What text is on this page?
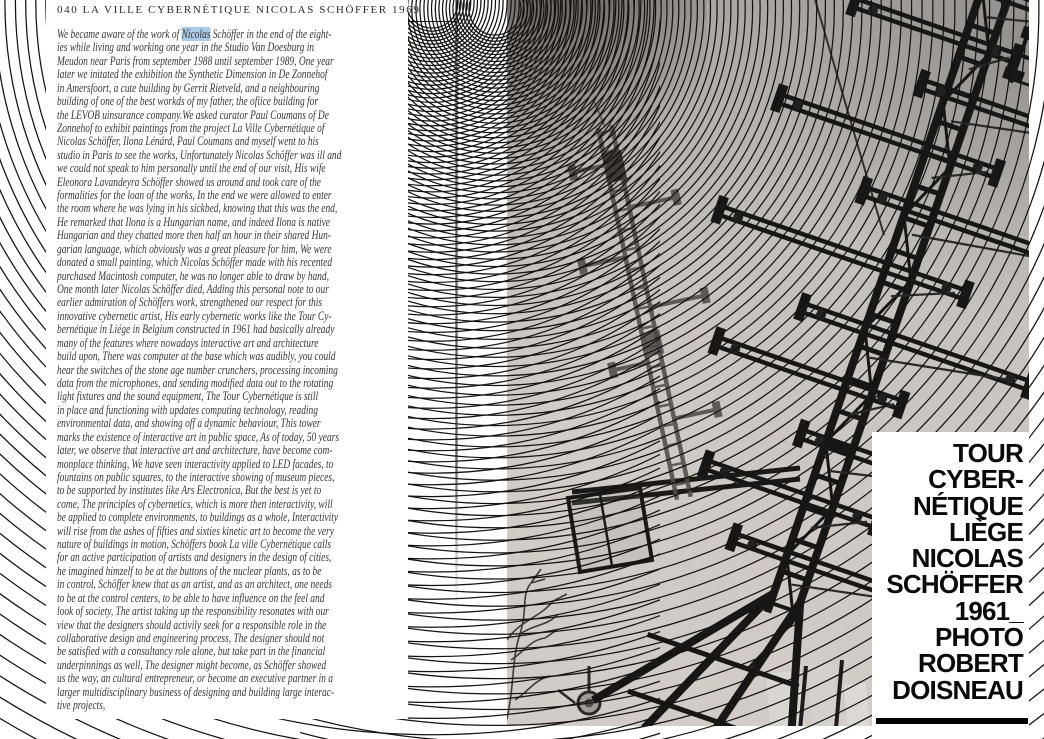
040 LA VILLE CYBERNÉTIQUE NICOLAS SCHÖFFER 1969
We became aware of the work of Nicolas Schöffer in the end of the eight-
ies while living and working one year in the Studio Van Doesburg in
Meudon near Paris from september 1988 until september 1989, One year
later we initated the exhibition the Synthetic Dimension in De Zonnehof
in Amersfoort, a cute building by Gerrit Rietveld, and a neighbouring
building of one of the best workds of my father, the ofiice building for
the LEVOB uinsurance company.We asked curator Paul Coumans of De
Zonnehof to exhibit paintings from the project La Ville Cybernétique of
Nicolas Schöffer, Ilona Lénárd, Paul Coumans and myself went to his
studio in Paris to see the works, Unfortunately Nicolas Schöffer was ill and
we could not speak to him personally until the end of our visit, His wife
Eleonora Lavandeyra Schöffer showed us around and took care of the
formalities for the loan of the works, In the end we were allowed to enter
the room where he was lying in his sickbed, knowing that this was the end,
He remarked that Ilona is a Hungarian name, and indeed Ilona is native
Hungarian and they chatted more then half an hour in their shared Hun-
garian language, which obviously was a great pleasure for him, We were
donated a small painting, which Nicolas Schöffer made with his recented
purchased Macintosh computer, he was no longer able to draw by hand,
One month later Nicolas Schöffer died, Adding this personal note to our
earlier admiration of Schöffers work, strengthened our respect for this
innovative cybernetic artist, His early cybernetic works like the Tour Cy-
bernétique in Liége in Belgium constructed in 1961 had basically already
many of the features where nowadays interactive art and architecture
build upon, There was computer at the base which was audibly, you could
hear the switches of the stone age number crunchers, processing incoming
data from the microphones, and sending modified data out to the rotating
light fixtures and the sound equipment, The Tour Cybernétique is still
in place and functioning with updates computing technology, reading
environmental data, and showing off a dynamic behaviour, This tower
marks the existence of interactive art in public space, As of today, 50 years
later, we observe that interactive art and architecture, have become com-
monplace thinking, We have seen interactivity applied to LED facades, to
fountains on public squares, to the interactive showing of museum pieces,
to be supported by institutes like Ars Electronica, But the best is yet to
come, The principles of cybernetics, which is more then interactivity, will
be applied to complete environments, to buildings as a whole, Interactivity
will rise from the ashes of fifties and sixties kinetic art to become the very
nature of buildings in motion, Schöffers book La ville Cybernétique calls
for an active participation of artists and designers in the design of cities,
he imagined himzelf to be at the buttons of the nuclear plants, as to be
in control, Schöffer knew that as an artist, and as an architect, one needs
to be at the control centers, to be able to have influence on the feel and
look of society, The artist taking up the responsibility resonates with our
view that the designers should activily seek for a responsible role in the
collaborative design and engineering process, The designer should not
be satisfied with a consultancy role alone, but take part in the financial
underpinnings as well, The designer might become, as Schöffer showed
us the way, an cultural entrepreneur, or become an executive partner in a
larger multidisciplinary business of designing and building large interac-
tive projects,
TOUR
CYBER-
NÉTIQUE
LIÈGE
NICOLAS
SCHÖFFER
1961_
PHOTO
ROBERT
DOISNEAU
